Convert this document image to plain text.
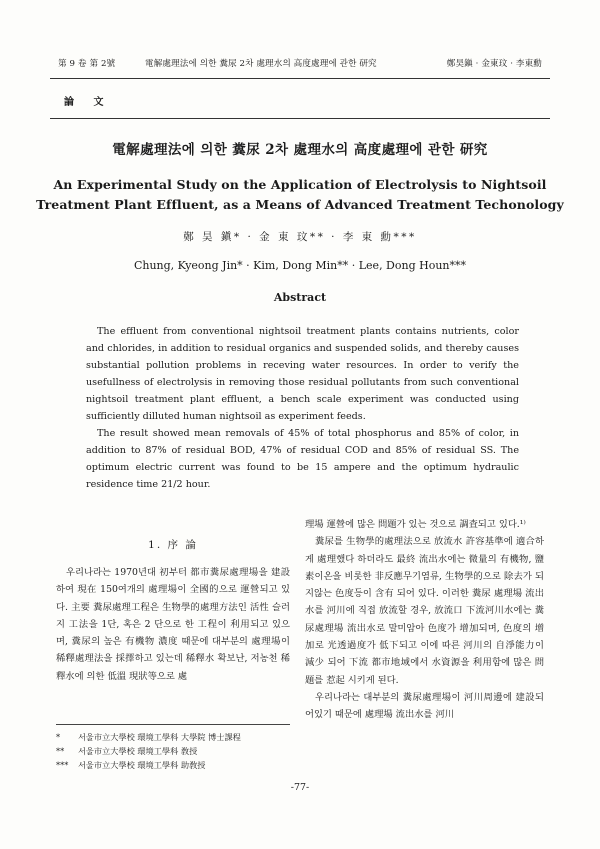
第 9 卷 第 2號	電解處理法에 의한 糞尿 2차 處理水의 高度處理에 관한 研究	鄭昊鎭 · 金東玟 · 李東勳
論 文
電解處理法에 의한 糞尿 2차 處理水의 高度處理에 관한 研究
An Experimental Study on the Application of Electrolysis to Nightsoil
Treatment Plant Effluent, as a Means of Advanced Treatment Techonology
鄭 昊 鎭* · 金 東 玟** · 李 東 勳***
Chung, Kyeong Jin* · Kim, Dong Min** · Lee, Dong Houn***
Abstract

The effluent from conventional nightsoil treatment plants contains nutrients, color and chlorides, in addition to residual organics and suspended solids, and thereby causes substantial pollution problems in receving water resources. In order to verify the usefullness of electrolysis in removing those residual pollutants from such conventional nightsoil treatment plant effluent, a bench scale experiment was conducted using sufficiently dilluted human nightsoil as experiment feeds.

The result showed mean removals of 45% of total phosphorus and 85% of color, in addition to 87% of residual BOD, 47% of residual COD and 85% of residual SS. The optimum electric current was found to be 15 ampere and the optimum hydraulic residence time 21/2 hour.

1. 序 論

우리나라는 1970년대 初부터 都市糞尿處理場을 建設하여 現在 150여개의 處理場이 全國的으로 運營되고 있다. 主要 糞尿處理工程은 生物學的處理方法인 活性 슬러지 工法을 1단, 혹은 2 단으로 한 工程이 利用되고 있으며, 糞尿의 높은 有機物 濃度 때문에 대부분의 處理場이 稀釋處理法을 採擇하고 있는데 稀釋水 확보난, 저농천 稀釋水에 의한 低溫 現狀等으로 處

理場 運營에 많은 問題가 있는 것으로 調査되고 있다.¹⁾

糞尿를 生物學的處理法으로 放流水 許容基準에 適合하게 處理했다 하더라도 最終 流出水에는 微量의 有機物, 鹽素이온을 비롯한 非反應무기염류, 生物學的으로 除去가 되지않는 色度등이 含有 되어 있다. 이러한 糞尿 處理場 流出水를 河川에 직접 放流할 경우, 放流口 下流河川水에는 糞尿處理場 流出水로 말미암아 色度가 增加되며, 色度의 增加로 光透過度가 低下되고 이에 따른 河川의 自淨能力이 減少 되어 下流 都市地域에서 水資源을 利用함에 많은 問題를 惹起 시키게 된다.

우리나라는 대부분의 糞尿處理場이 河川周邊에 建設되어있기 때문에 處理場 流出水를 河川

*	서울市立大學校 環境工學科 大學院 博士課程
**	서울市立大學校 環境工學科 敎授
***	서울市立大學校 環境工學科 助敎授
-77-
